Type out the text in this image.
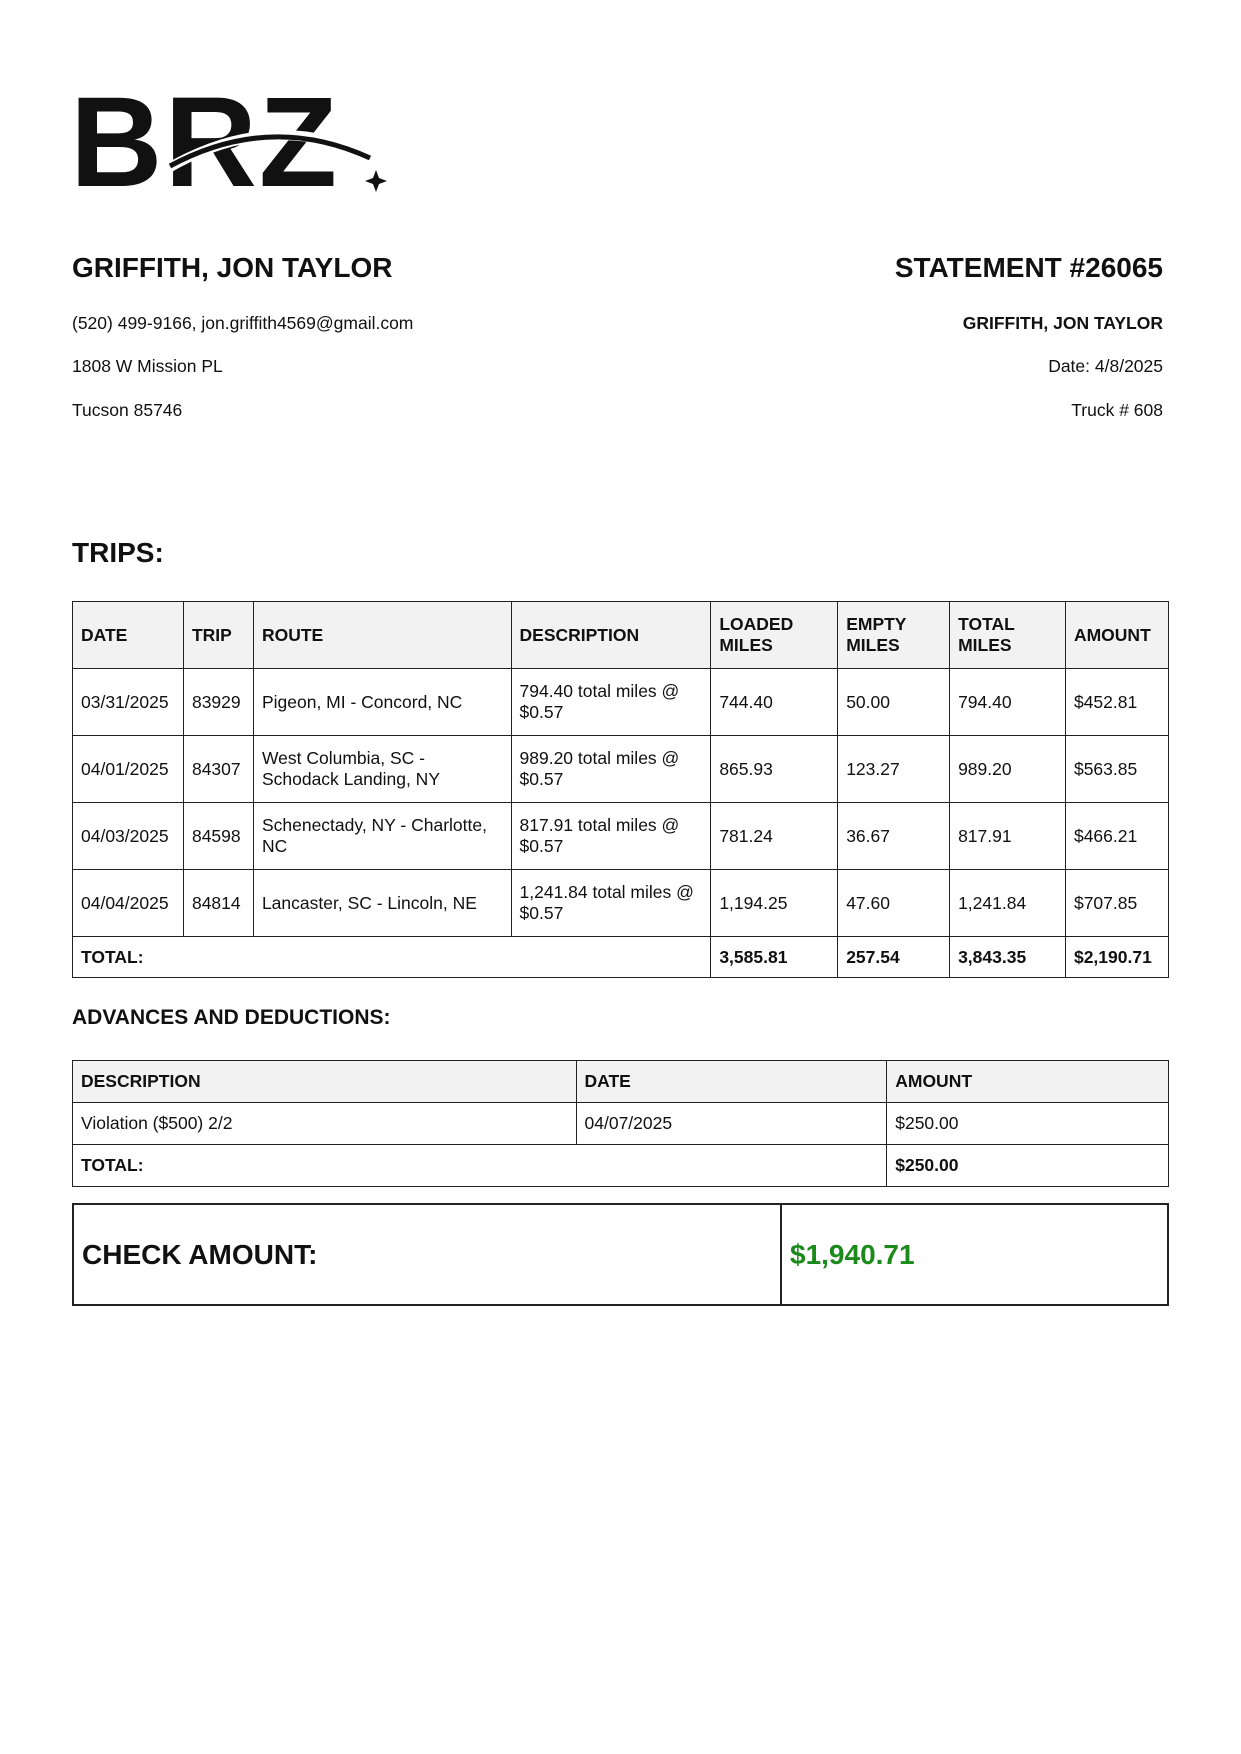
BRZ
GRIFFITH, JON TAYLOR	STATEMENT #26065
(520) 499-9166, jon.griffith4569@gmail.com
1808 W Mission PL
Tucson 85746
GRIFFITH, JON TAYLOR
Date: 4/8/2025
Truck # 608
TRIPS:
DATE	TRIP	ROUTE	DESCRIPTION	LOADED MILES	EMPTY MILES	TOTAL MILES	AMOUNT
03/31/2025	83929	Pigeon, MI - Concord, NC	794.40 total miles @ $0.57	744.40	50.00	794.40	$452.81
04/01/2025	84307	West Columbia, SC - Schodack Landing, NY	989.20 total miles @ $0.57	865.93	123.27	989.20	$563.85
04/03/2025	84598	Schenectady, NY - Charlotte, NC	817.91 total miles @ $0.57	781.24	36.67	817.91	$466.21
04/04/2025	84814	Lancaster, SC - Lincoln, NE	1,241.84 total miles @ $0.57	1,194.25	47.60	1,241.84	$707.85
TOTAL:				3,585.81	257.54	3,843.35	$2,190.71
ADVANCES AND DEDUCTIONS:
DESCRIPTION	DATE	AMOUNT
Violation ($500) 2/2	04/07/2025	$250.00
TOTAL:		$250.00
CHECK AMOUNT:	$1,940.71
